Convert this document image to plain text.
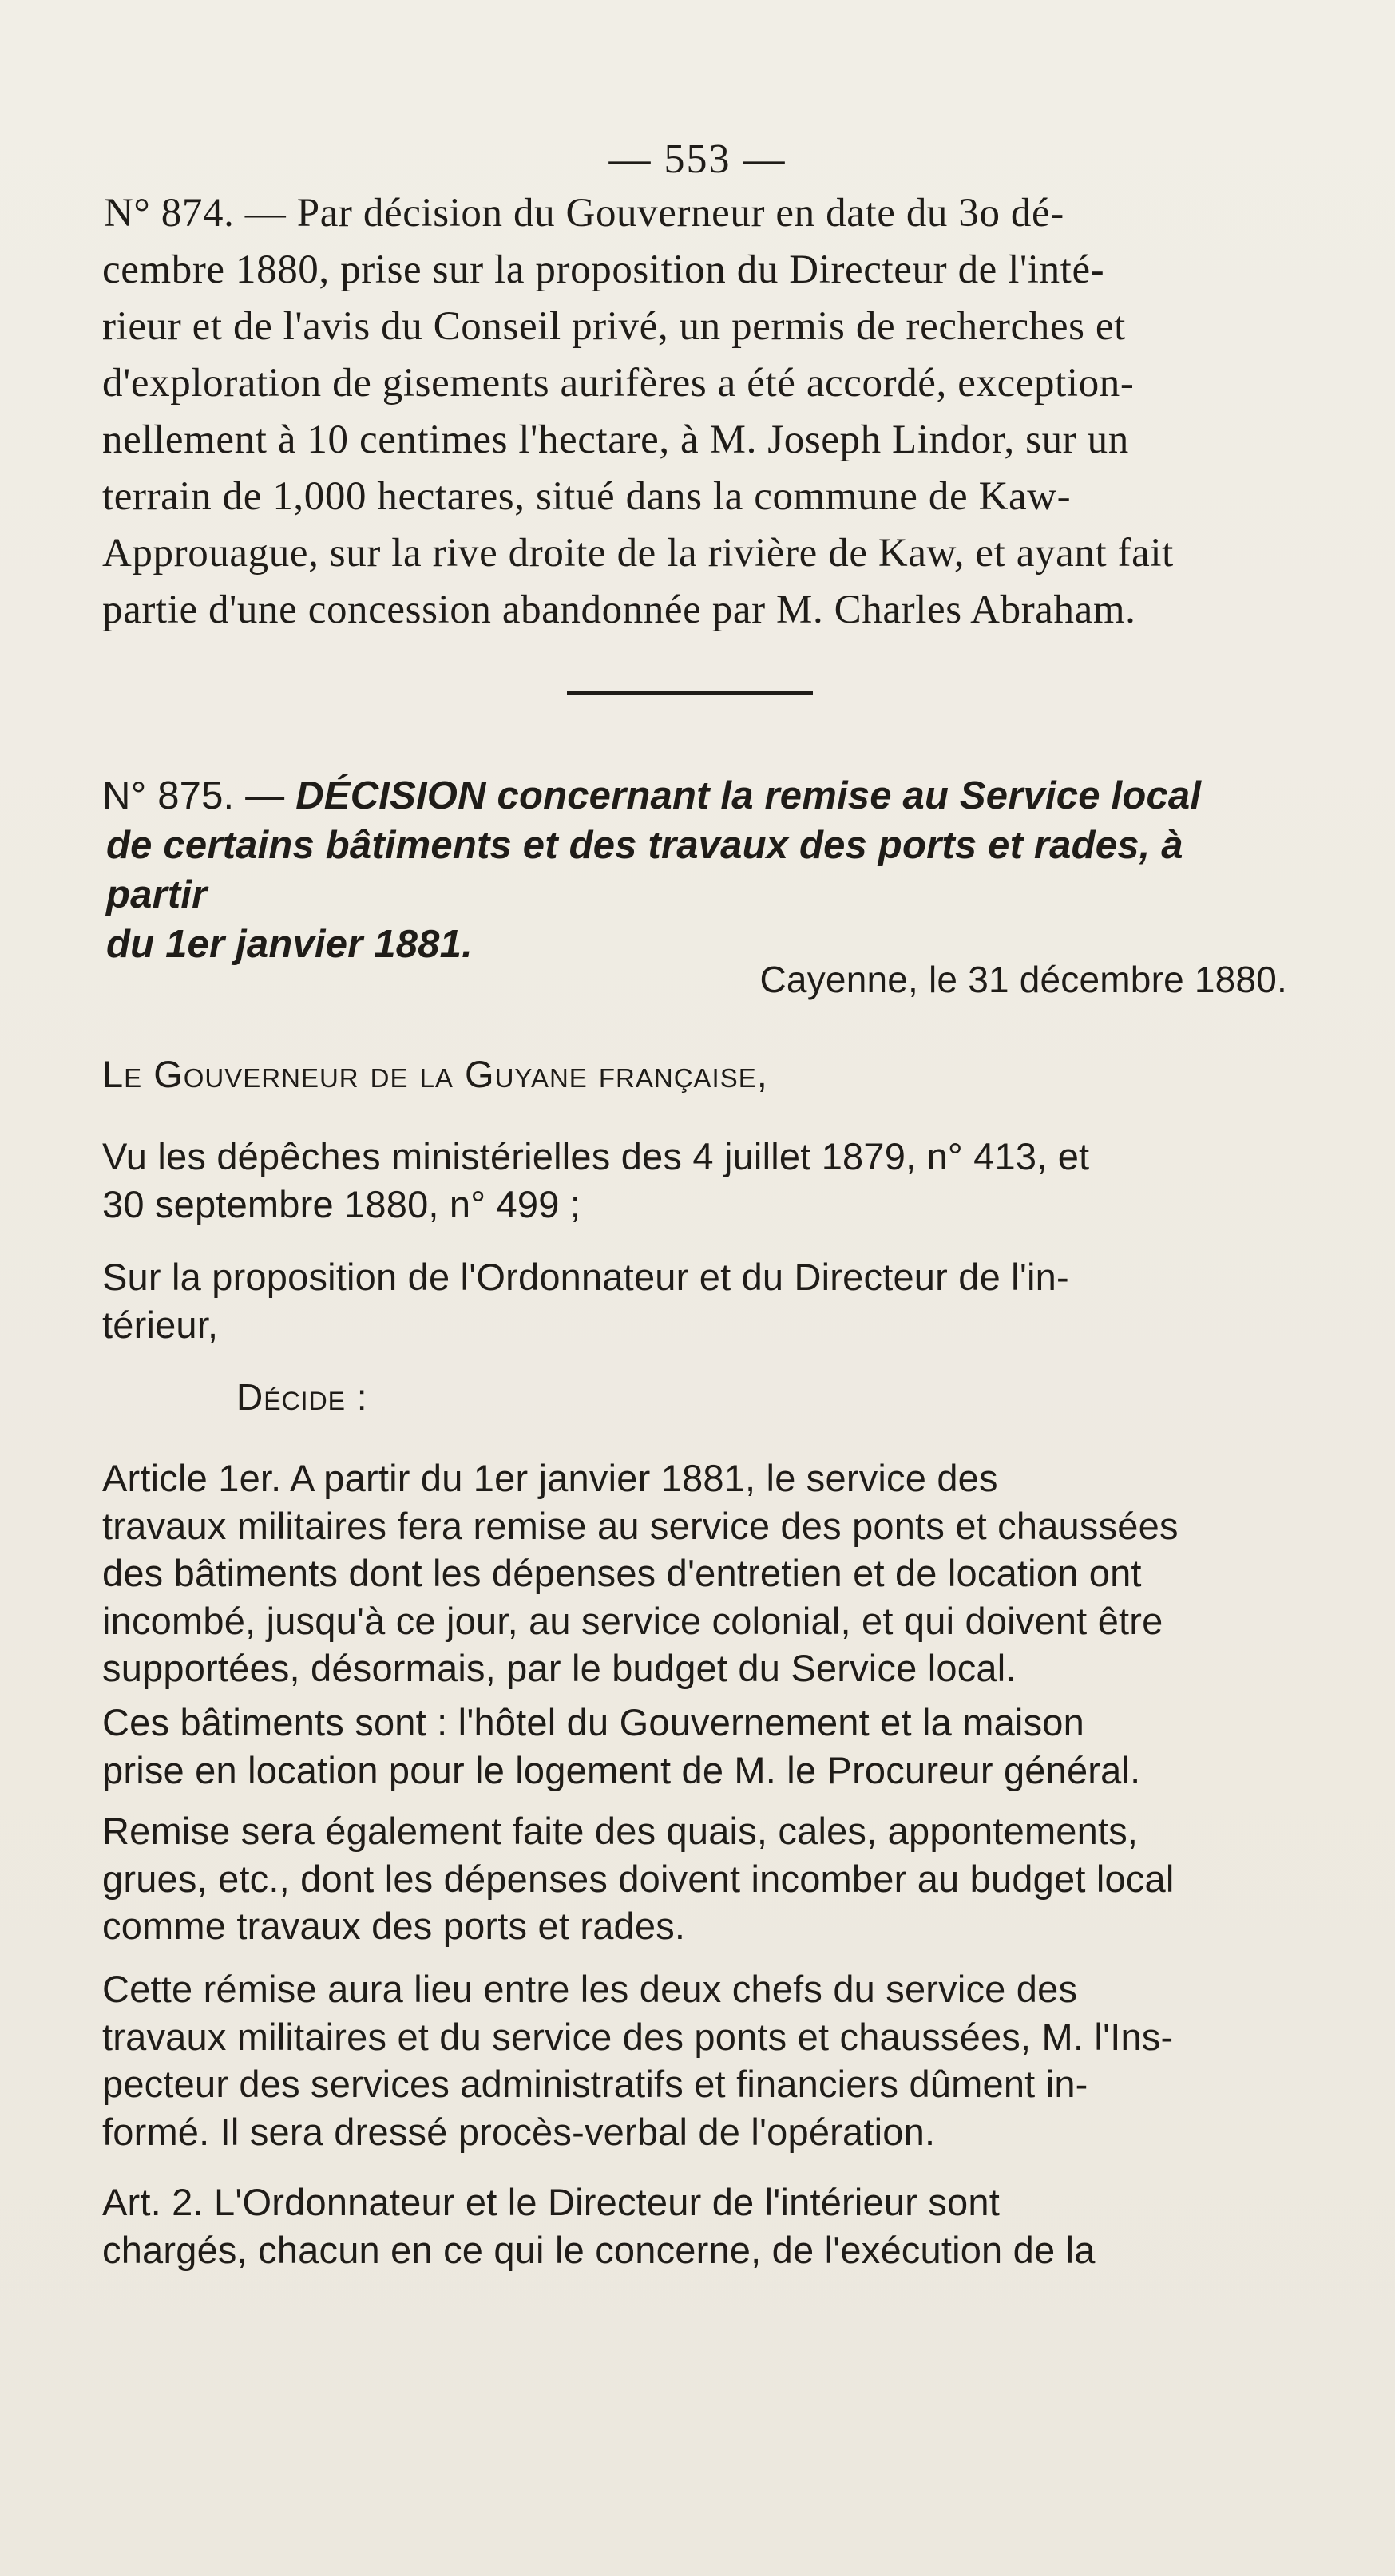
— 553 —

N° 874. — Par décision du Gouverneur en date du 3o dé-

cembre 1880, prise sur la proposition du Directeur de l'inté-

rieur et de l'avis du Conseil privé, un permis de recherches et

d'exploration de gisements aurifères a été accordé, exception-

nellement à 10 centimes l'hectare, à M. Joseph Lindor, sur un

terrain de 1,000 hectares, situé dans la commune de Kaw-

Approuague, sur la rive droite de la rivière de Kaw, et ayant fait

partie d'une concession abandonnée par M. Charles Abraham.

N° 875. — DÉCISION concernant la remise au Service local
de certains bâtiments et des travaux des ports et rades, à partir
du 1er janvier 1881.
Cayenne, le 31 décembre 1880.

Le Gouverneur de la Guyane française,

Vu les dépêches ministérielles des 4 juillet 1879, n° 413, et

30 septembre 1880, n° 499 ;

Sur la proposition de l'Ordonnateur et du Directeur de l'in-

térieur,

Décide :

Article 1er. A partir du 1er janvier 1881, le service des

travaux militaires fera remise au service des ponts et chaussées

des bâtiments dont les dépenses d'entretien et de location ont

incombé, jusqu'à ce jour, au service colonial, et qui doivent être

supportées, désormais, par le budget du Service local.

Ces bâtiments sont : l'hôtel du Gouvernement et la maison

prise en location pour le logement de M. le Procureur général.

Remise sera également faite des quais, cales, appontements,

grues, etc., dont les dépenses doivent incomber au budget local

comme travaux des ports et rades.

Cette rémise aura lieu entre les deux chefs du service des

travaux militaires et du service des ponts et chaussées, M. l'Ins-

pecteur des services administratifs et financiers dûment in-

formé. Il sera dressé procès-verbal de l'opération.

Art. 2. L'Ordonnateur et le Directeur de l'intérieur sont

chargés, chacun en ce qui le concerne, de l'exécution de la
